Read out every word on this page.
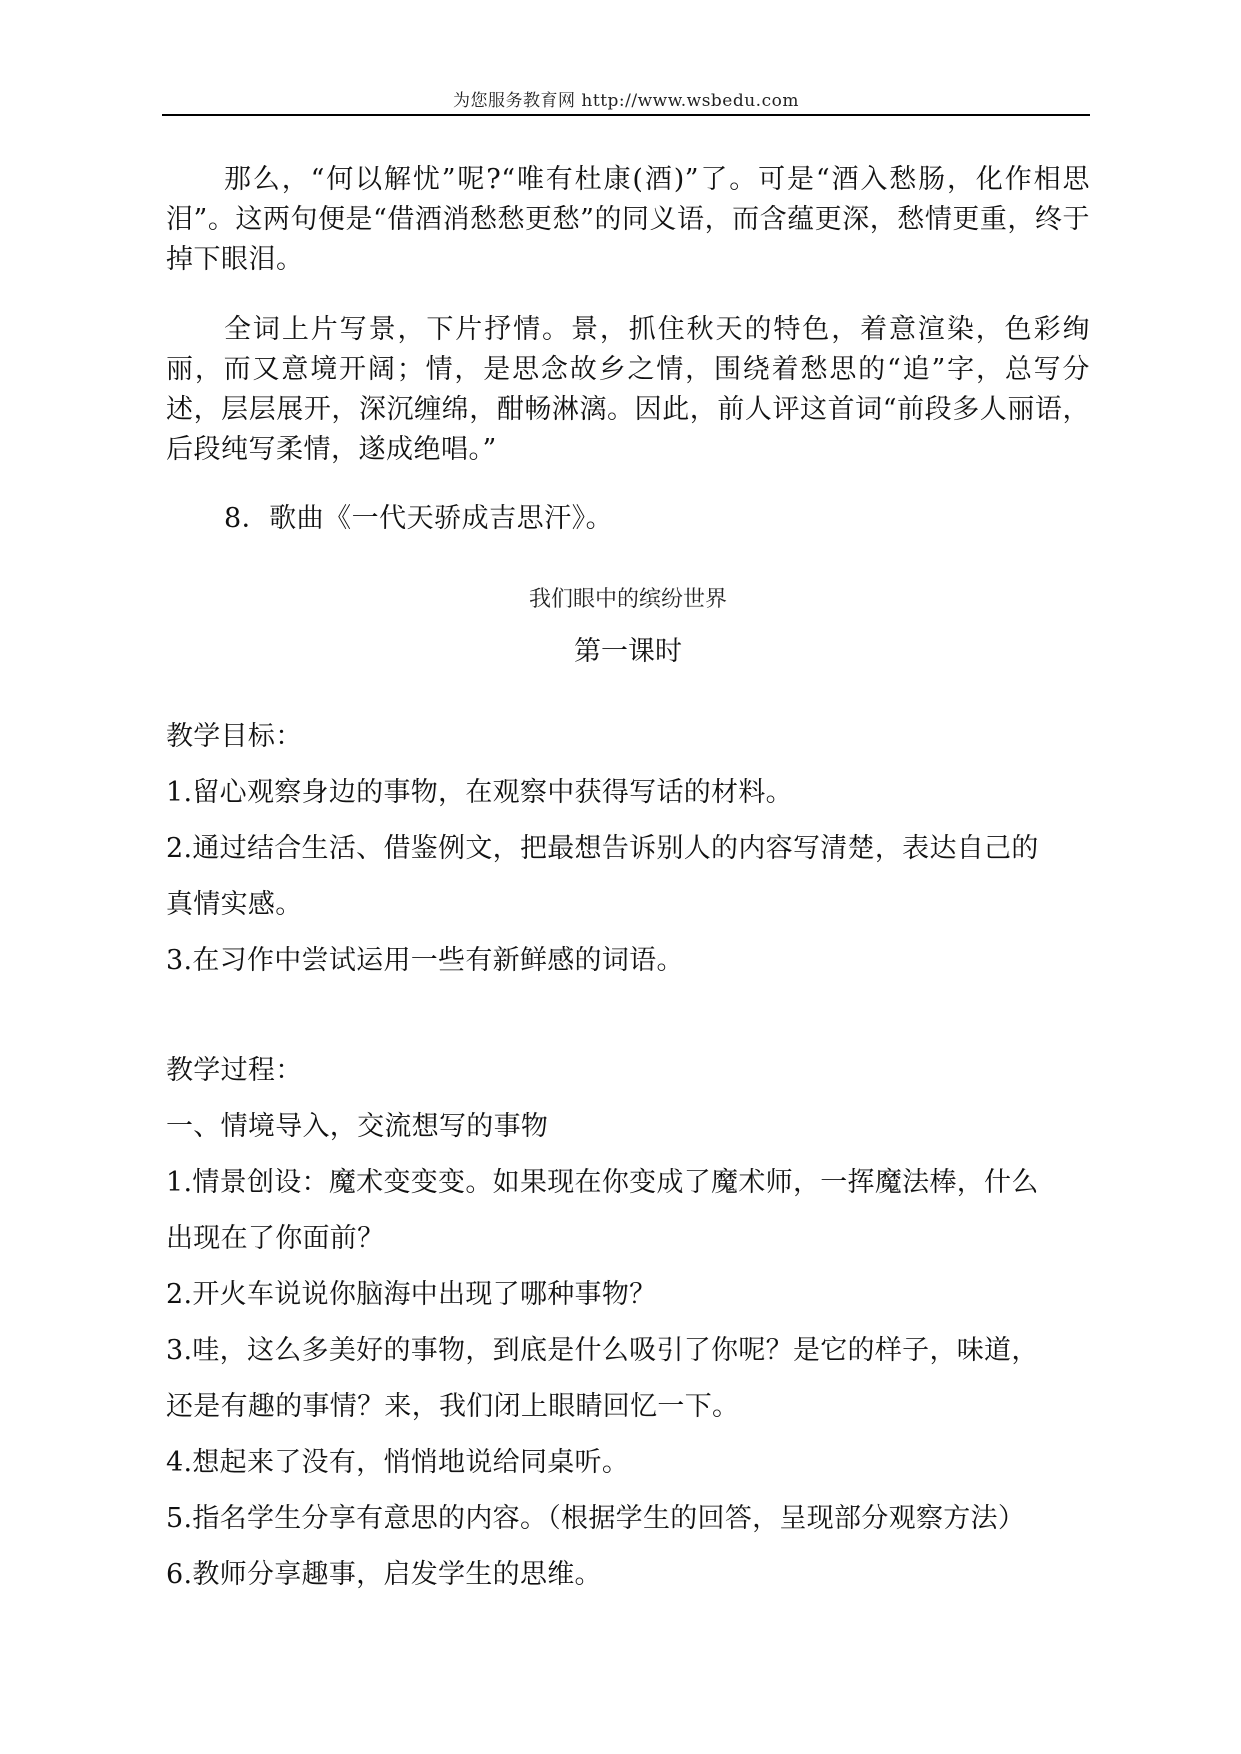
为您服务教育网 http://www.wsbedu.com

那么，“何以解忧”呢?“唯有杜康(酒)”了。可是“酒入愁肠，化作相思泪”。这两句便是“借酒消愁愁更愁”的同义语，而含蕴更深，愁情更重，终于掉下眼泪。

全词上片写景，下片抒情。景，抓住秋天的特色，着意渲染，色彩绚丽，而又意境开阔；情，是思念故乡之情，围绕着愁思的“追”字，总写分述，层层展开，深沉缠绵，酣畅淋漓。因此，前人评这首词“前段多人丽语，后段纯写柔情，遂成绝唱。”

8．歌曲《一代天骄成吉思汗》。

我们眼中的缤纷世界
第一课时
教学目标：
1.留心观察身边的事物，在观察中获得写话的材料。
2.通过结合生活、借鉴例文，把最想告诉别人的内容写清楚，表达自己的
真情实感。
3.在习作中尝试运用一些有新鲜感的词语。
教学过程：
一、情境导入，交流想写的事物
1.情景创设：魔术变变变。如果现在你变成了魔术师，一挥魔法棒，什么
出现在了你面前？
2.开火车说说你脑海中出现了哪种事物？
3.哇，这么多美好的事物，到底是什么吸引了你呢？是它的样子，味道，
还是有趣的事情？来，我们闭上眼睛回忆一下。
4.想起来了没有，悄悄地说给同桌听。
5.指名学生分享有意思的内容。（根据学生的回答，呈现部分观察方法）
6.教师分享趣事，启发学生的思维。
